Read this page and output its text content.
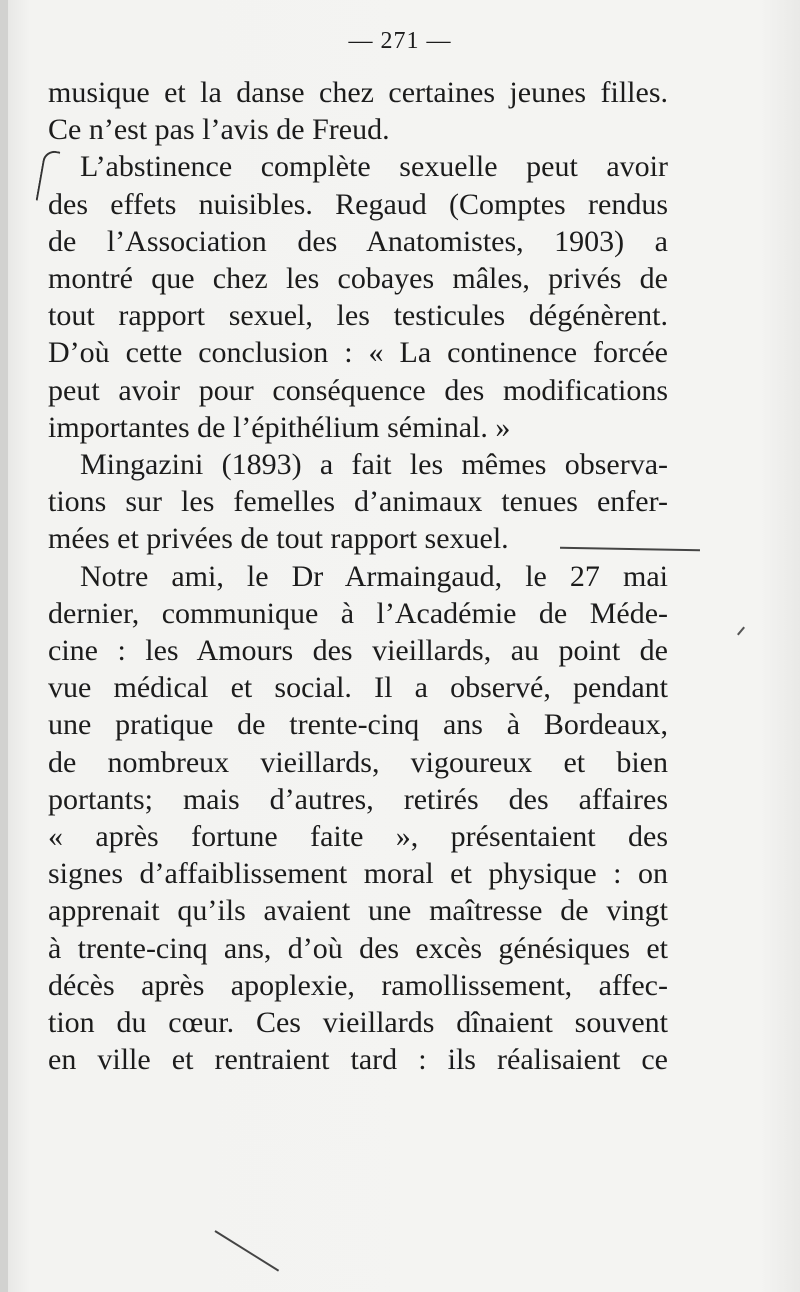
— 271 —
musique et la danse chez certaines jeunes filles.
Ce n’est pas l’avis de Freud.
L’abstinence complète sexuelle peut avoir
des effets nuisibles. Regaud (Comptes rendus
de l’Association des Anatomistes, 1903) a
montré que chez les cobayes mâles, privés de
tout rapport sexuel, les testicules dégénèrent.
D’où cette conclusion : « La continence forcée
peut avoir pour conséquence des modifications
importantes de l’épithélium séminal. »
Mingazini (1893) a fait les mêmes observa-
tions sur les femelles d’animaux tenues enfer-
mées et privées de tout rapport sexuel.
Notre ami, le Dr Armaingaud, le 27 mai
dernier, communique à l’Académie de Méde-
cine : les Amours des vieillards, au point de
vue médical et social. Il a observé, pendant
une pratique de trente-cinq ans à Bordeaux,
de nombreux vieillards, vigoureux et bien
portants; mais d’autres, retirés des affaires
« après fortune faite », présentaient des
signes d’affaiblissement moral et physique : on
apprenait qu’ils avaient une maîtresse de vingt
à trente-cinq ans, d’où des excès génésiques et
décès après apoplexie, ramollissement, affec-
tion du cœur. Ces vieillards dînaient souvent
en ville et rentraient tard : ils réalisaient ce
